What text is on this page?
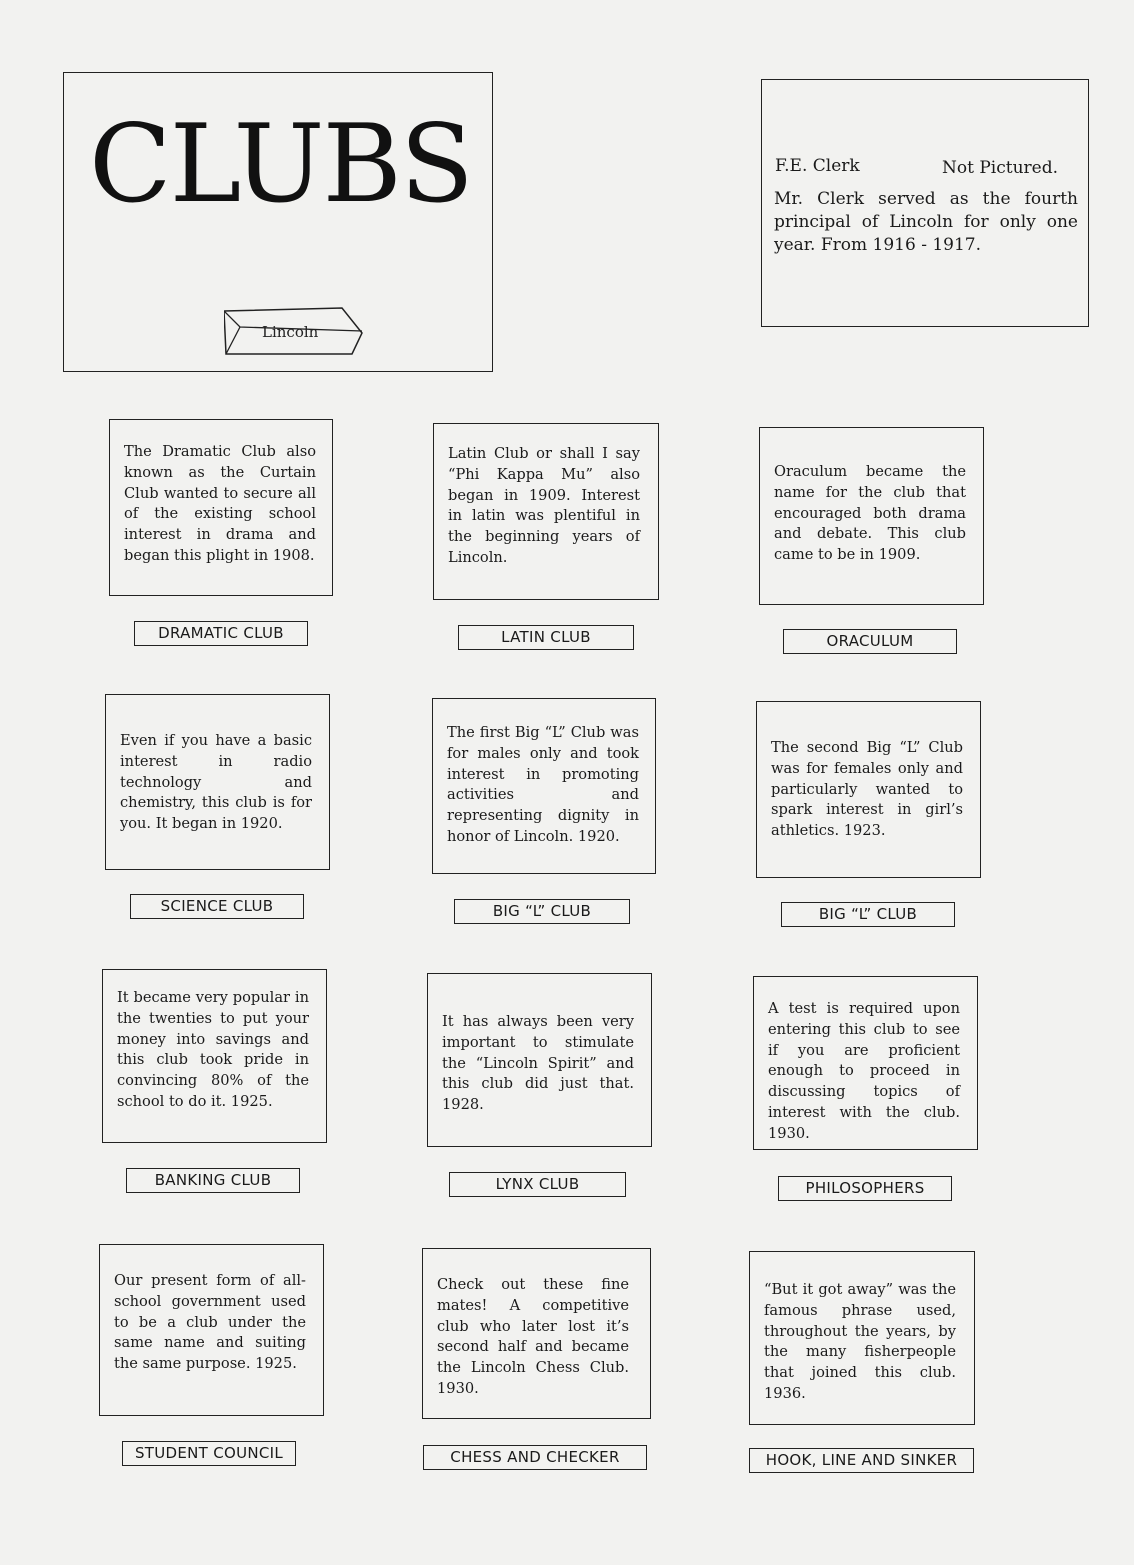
CLUBS
Lincoln
F.E. Clerk	Not Pictured.
Mr. Clerk served as the fourth principal of Lincoln for only one year. From 1916 - 1917.
The Dramatic Club also known as the Curtain Club wanted to secure all of the existing school interest in drama and began this plight in 1908.
DRAMATIC CLUB
Latin Club or shall I say “Phi Kappa Mu” also began in 1909. Interest in latin was plentiful in the beginning years of Lincoln.
LATIN CLUB
Oraculum became the name for the club that encouraged both drama and debate. This club came to be in 1909.
ORACULUM
Even if you have a basic interest in radio technology and chemistry, this club is for you. It began in 1920.
SCIENCE CLUB
The first Big “L” Club was for males only and took interest in promoting activities and representing dignity in honor of Lincoln. 1920.
BIG “L” CLUB
The second Big “L” Club was for females only and particularly wanted to spark interest in girl’s athletics. 1923.
BIG “L” CLUB
It became very popular in the twenties to put your money into savings and this club took pride in convincing 80% of the school to do it. 1925.
BANKING CLUB
It has always been very important to stimulate the “Lincoln Spirit” and this club did just that. 1928.
LYNX CLUB
A test is required upon entering this club to see if you are proficient enough to proceed in discussing topics of interest with the club. 1930.
PHILOSOPHERS
Our present form of all-school government used to be a club under the same name and suiting the same purpose. 1925.
STUDENT COUNCIL
Check out these fine mates! A competitive club who later lost it’s second half and became the Lincoln Chess Club. 1930.
CHESS AND CHECKER
“But it got away” was the famous phrase used, throughout the years, by the many fisherpeople that joined this club. 1936.
HOOK, LINE AND SINKER
